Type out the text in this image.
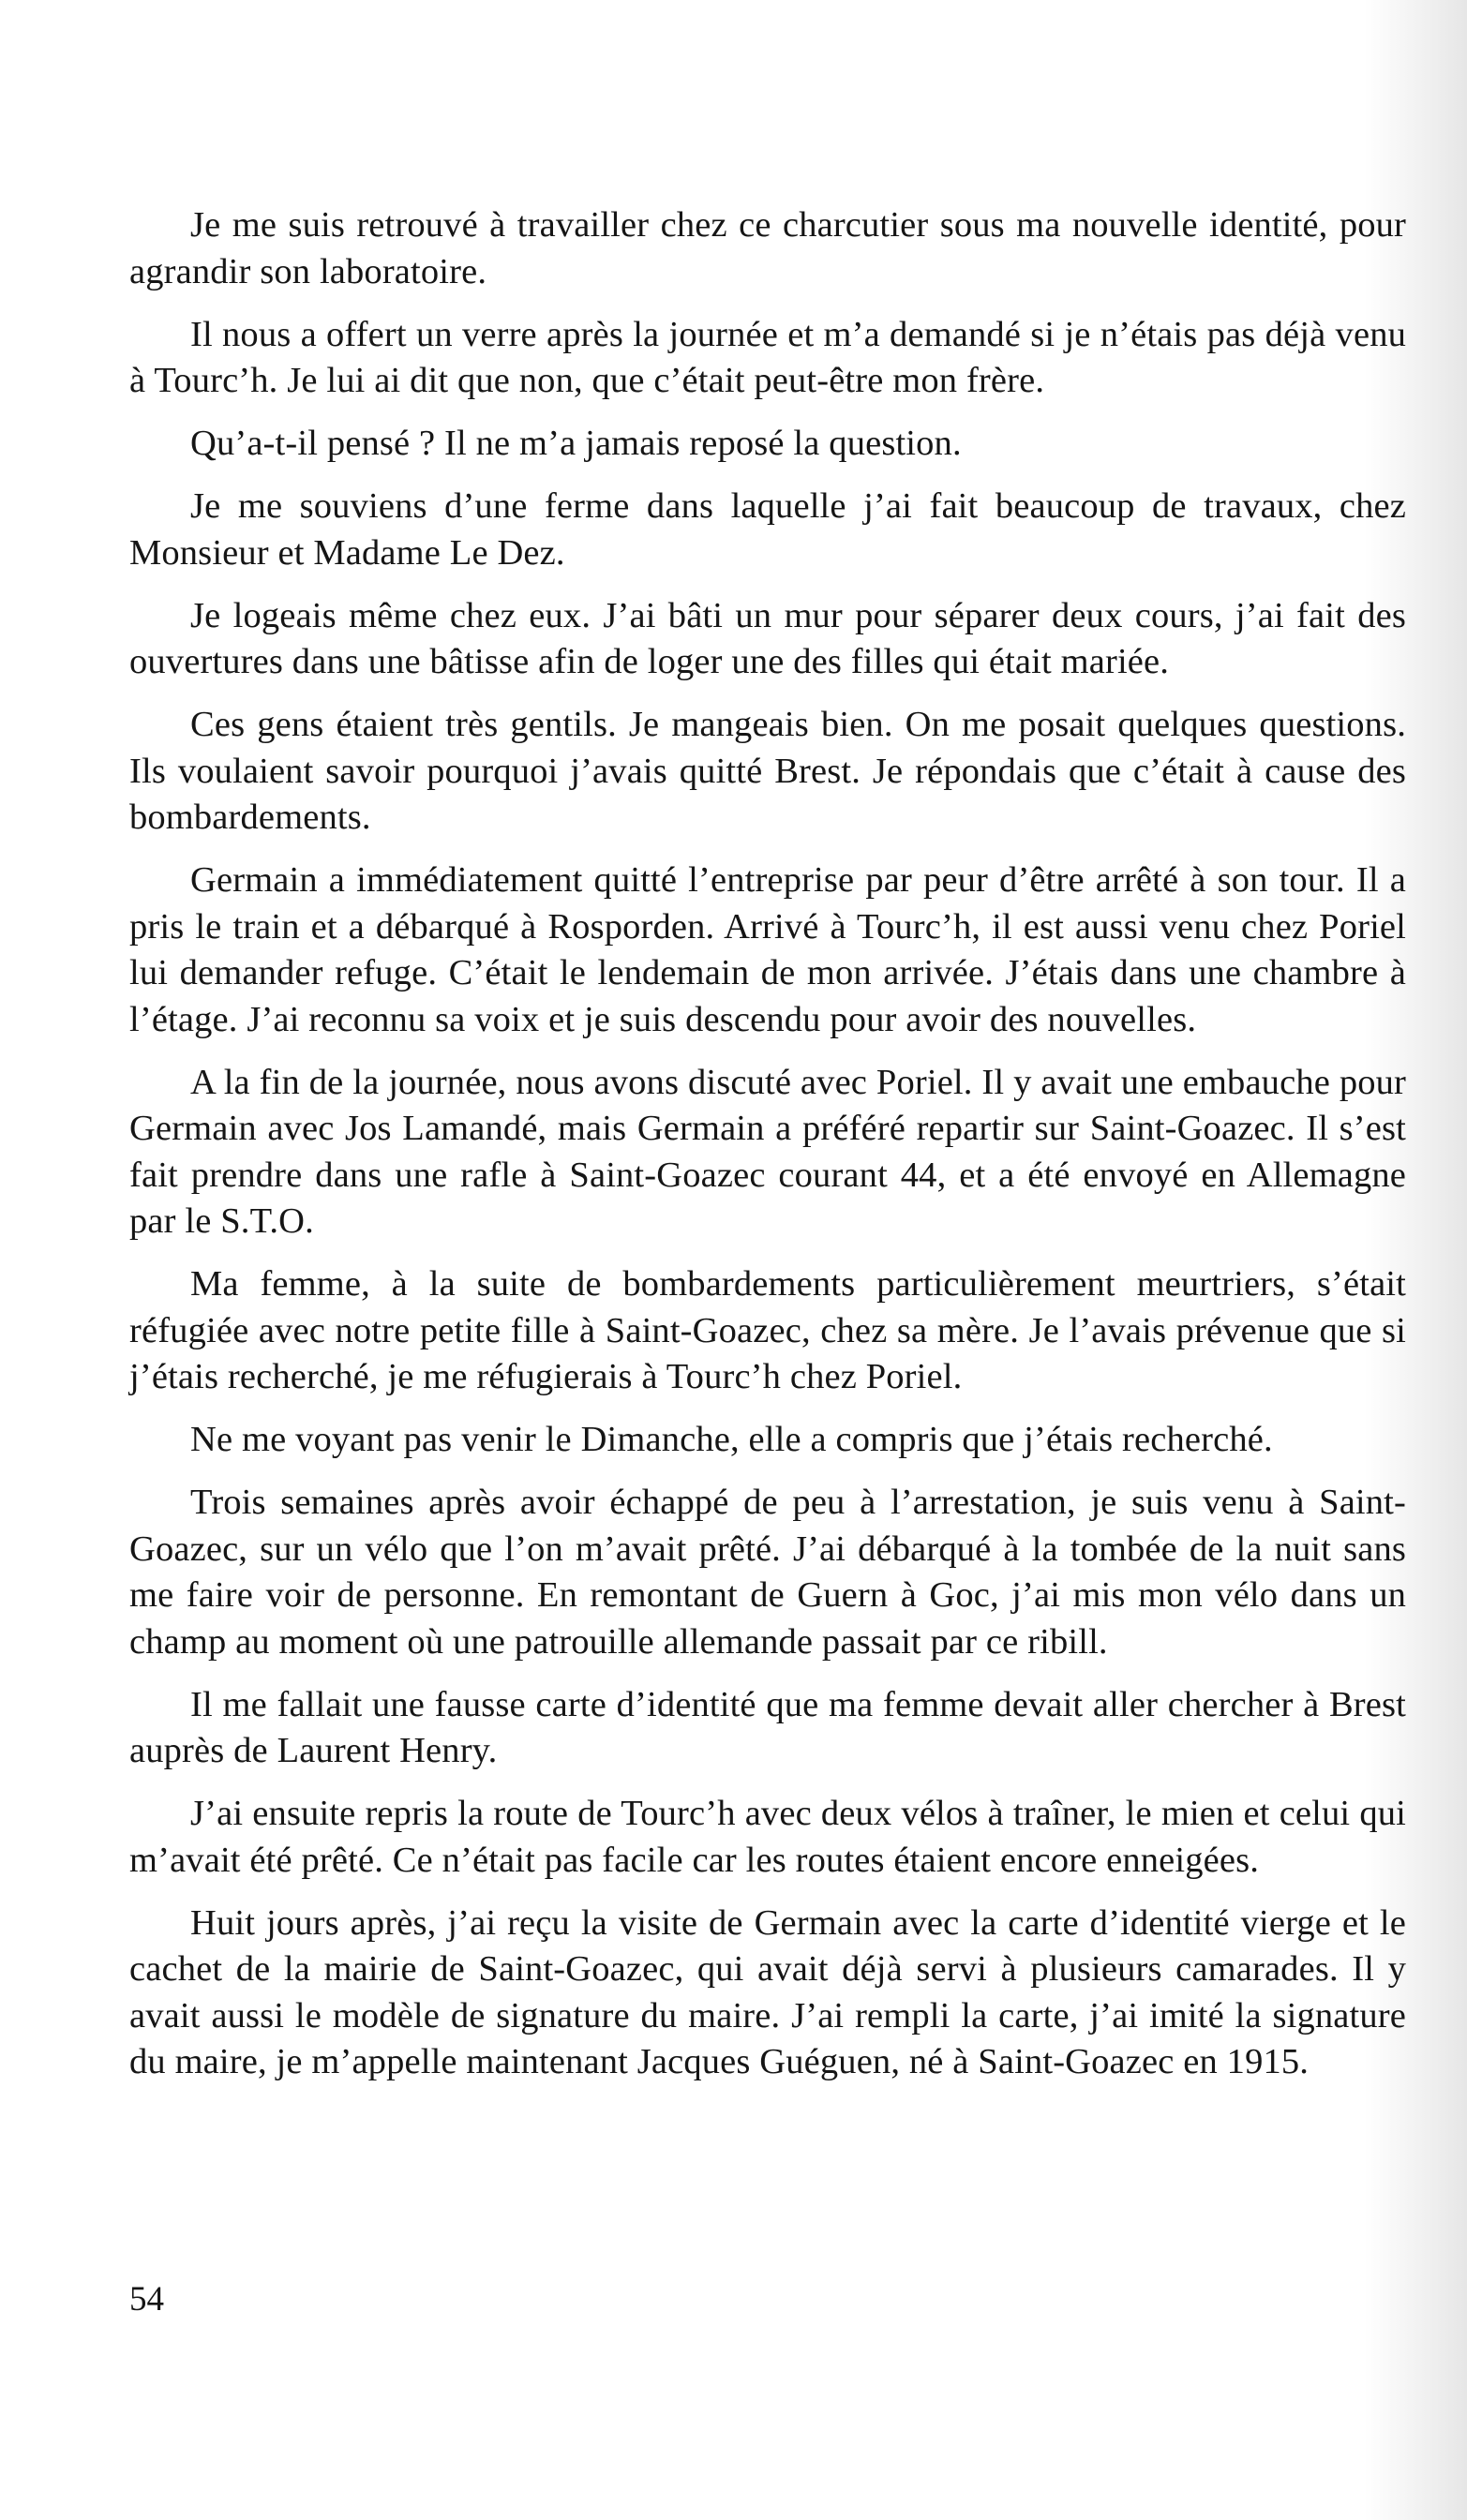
Je me suis retrouvé à travailler chez ce charcutier sous ma nouvelle identité, pour agrandir son laboratoire.

Il nous a offert un verre après la journée et m’a demandé si je n’étais pas déjà venu à Tourc’h. Je lui ai dit que non, que c’était peut-être mon frère.

Qu’a-t-il pensé ? Il ne m’a jamais reposé la question.

Je me souviens d’une ferme dans laquelle j’ai fait beaucoup de travaux, chez Monsieur et Madame Le Dez.

Je logeais même chez eux. J’ai bâti un mur pour séparer deux cours, j’ai fait des ouvertures dans une bâtisse afin de loger une des filles qui était mariée.

Ces gens étaient très gentils. Je mangeais bien. On me posait quelques questions. Ils voulaient savoir pourquoi j’avais quitté Brest. Je répondais que c’était à cause des bombardements.

Germain a immédiatement quitté l’entreprise par peur d’être arrêté à son tour. Il a pris le train et a débarqué à Rosporden. Arrivé à Tourc’h, il est aussi venu chez Poriel lui demander refuge. C’était le lendemain de mon arrivée. J’étais dans une chambre à l’étage. J’ai reconnu sa voix et je suis descendu pour avoir des nouvelles.

A la fin de la journée, nous avons discuté avec Poriel. Il y avait une embauche pour Germain avec Jos Lamandé, mais Germain a préféré repartir sur Saint-Goazec. Il s’est fait prendre dans une rafle à Saint-Goazec courant 44, et a été envoyé en Allemagne par le S.T.O.

Ma femme, à la suite de bombardements particulièrement meurtriers, s’était réfugiée avec notre petite fille à Saint-Goazec, chez sa mère. Je l’avais prévenue que si j’étais recherché, je me réfugierais à Tourc’h chez Poriel.

Ne me voyant pas venir le Dimanche, elle a compris que j’étais recherché.

Trois semaines après avoir échappé de peu à l’arrestation, je suis venu à Saint-Goazec, sur un vélo que l’on m’avait prêté. J’ai débarqué à la tombée de la nuit sans me faire voir de personne. En remontant de Guern à Goc, j’ai mis mon vélo dans un champ au moment où une patrouille allemande passait par ce ribill.

Il me fallait une fausse carte d’identité que ma femme devait aller chercher à Brest auprès de Laurent Henry.

J’ai ensuite repris la route de Tourc’h avec deux vélos à traîner, le mien et celui qui m’avait été prêté. Ce n’était pas facile car les routes étaient encore enneigées.

Huit jours après, j’ai reçu la visite de Germain avec la carte d’identité vierge et le cachet de la mairie de Saint-Goazec, qui avait déjà servi à plusieurs camarades. Il y avait aussi le modèle de signature du maire. J’ai rempli la carte, j’ai imité la signature du maire, je m’appelle maintenant Jacques Guéguen, né à Saint-Goazec en 1915.

54
